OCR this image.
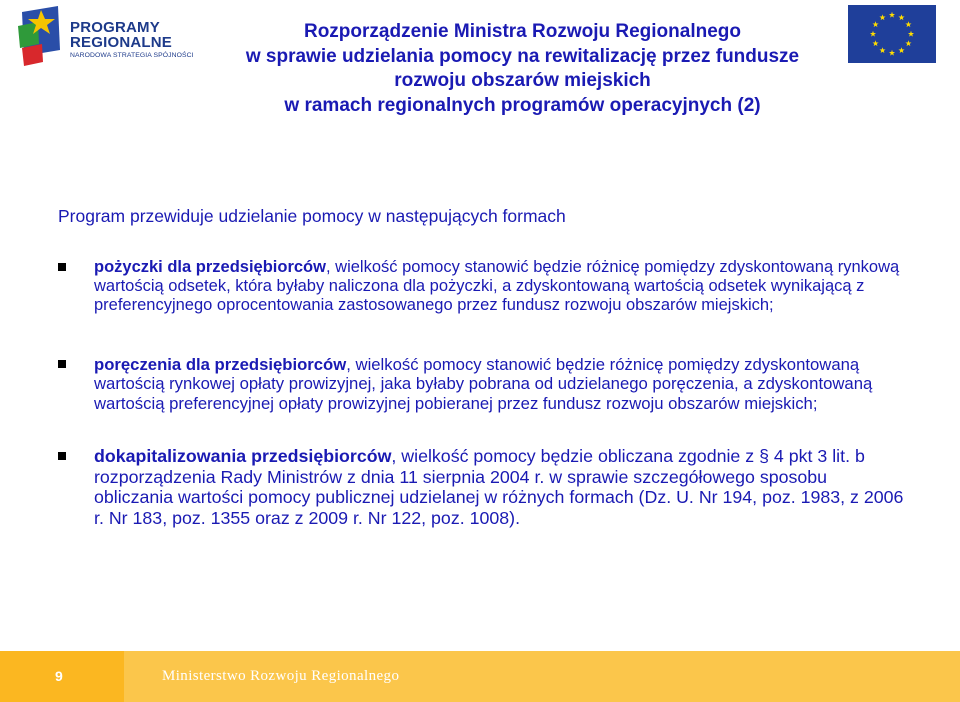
PROGRAMY
REGIONALNE
NARODOWA STRATEGIA SPÓJNOŚCI
Rozporządzenie Ministra Rozwoju Regionalnego
w sprawie udzielania pomocy na rewitalizację przez fundusze
rozwoju obszarów miejskich
w ramach regionalnych programów operacyjnych (2)
Program przewiduje udzielanie pomocy w następujących formach
pożyczki dla przedsiębiorców, wielkość pomocy stanowić będzie różnicę pomiędzy zdyskontowaną rynkową wartością odsetek, która byłaby naliczona dla pożyczki, a zdyskontowaną wartością odsetek wynikającą z preferencyjnego oprocentowania zastosowanego przez fundusz rozwoju obszarów miejskich;
poręczenia dla przedsiębiorców, wielkość pomocy stanowić będzie różnicę pomiędzy zdyskontowaną wartością rynkowej opłaty prowizyjnej, jaka byłaby pobrana od udzielanego poręczenia, a zdyskontowaną wartością preferencyjnej opłaty prowizyjnej pobieranej przez fundusz rozwoju obszarów miejskich;
dokapitalizowania przedsiębiorców, wielkość pomocy będzie obliczana zgodnie z § 4 pkt 3 lit. b rozporządzenia Rady Ministrów z dnia 11 sierpnia 2004 r. w sprawie szczegółowego sposobu obliczania wartości pomocy publicznej udzielanej w różnych formach (Dz. U. Nr 194, poz. 1983, z 2006 r. Nr 183, poz. 1355 oraz z 2009 r. Nr 122, poz. 1008).
9	Ministerstwo Rozwoju Regionalnego
